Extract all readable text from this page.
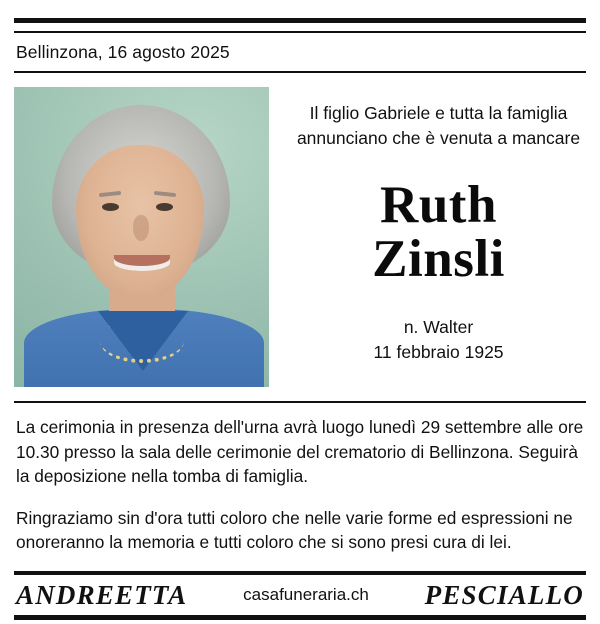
Bellinzona, 16 agosto 2025
Il figlio Gabriele e tutta la famiglia
annunciano che è venuta a mancare
Ruth
Zinsli
n. Walter
11 febbraio 1925
La cerimonia in presenza dell'urna avrà luogo lunedì 29 settembre alle ore 10.30 presso la sala delle cerimonie del crematorio di Bellinzona. Seguirà la deposizione nella tomba di famiglia.
Ringraziamo sin d'ora tutti coloro che nelle varie forme ed espressioni ne onoreranno la memoria e tutti coloro che si sono presi cura di lei.
ANDREETTA	casafuneraria.ch PESCIALLO
